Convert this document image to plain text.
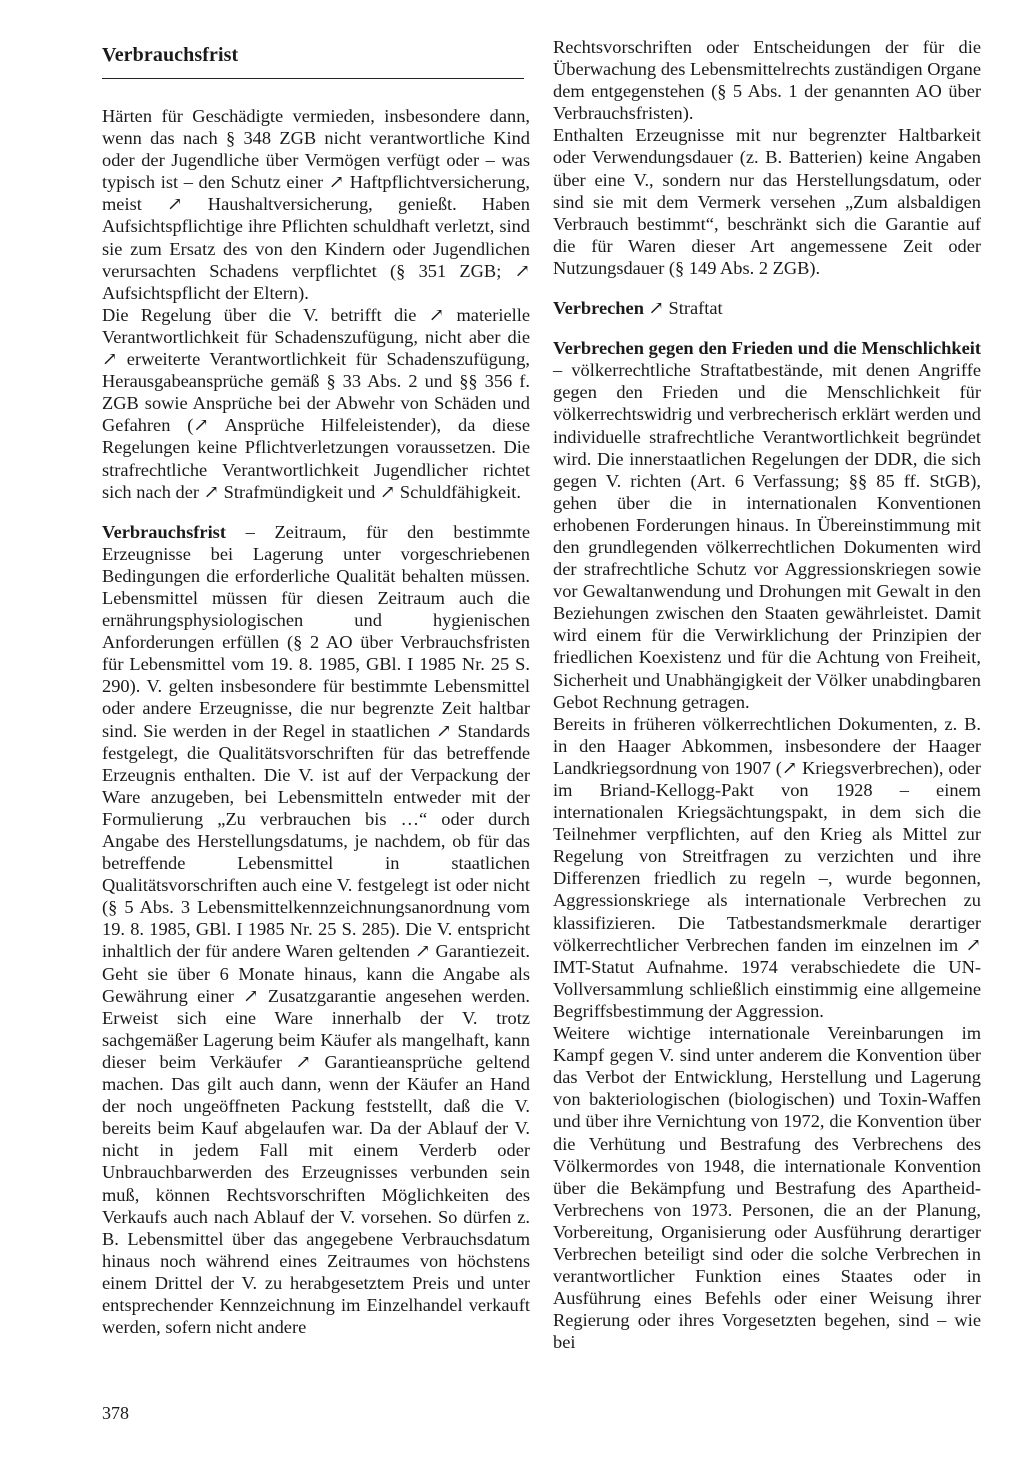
Verbrauchsfrist

Härten für Geschädigte vermieden, insbesondere dann, wenn das nach § 348 ZGB nicht verantwortliche Kind oder der Jugendliche über Vermögen verfügt oder – was typisch ist – den Schutz einer ↗ Haftpflichtversicherung, meist ↗ Haushaltversicherung, genießt. Haben Aufsichtspflichtige ihre Pflichten schuldhaft verletzt, sind sie zum Ersatz des von den Kindern oder Jugendlichen verursachten Schadens verpflichtet (§ 351 ZGB; ↗ Aufsichtspflicht der Eltern).

Die Regelung über die V. betrifft die ↗ materielle Verantwortlichkeit für Schadenszufügung, nicht aber die ↗ erweiterte Verantwortlichkeit für Schadenszufügung, Herausgabeansprüche gemäß § 33 Abs. 2 und §§ 356 f. ZGB sowie Ansprüche bei der Abwehr von Schäden und Gefahren (↗ Ansprüche Hilfeleistender), da diese Regelungen keine Pflichtverletzungen voraussetzen. Die strafrechtliche Verantwortlichkeit Jugendlicher richtet sich nach der ↗ Strafmündigkeit und ↗ Schuldfähigkeit.

Verbrauchsfrist – Zeitraum, für den bestimmte Erzeugnisse bei Lagerung unter vorgeschriebenen Bedingungen die erforderliche Qualität behalten müssen. Lebensmittel müssen für diesen Zeitraum auch die ernährungsphysiologischen und hygienischen Anforderungen erfüllen (§ 2 AO über Verbrauchsfristen für Lebensmittel vom 19. 8. 1985, GBl. I 1985 Nr. 25 S. 290). V. gelten insbesondere für bestimmte Lebensmittel oder andere Erzeugnisse, die nur begrenzte Zeit haltbar sind. Sie werden in der Regel in staatlichen ↗ Standards festgelegt, die Qualitätsvorschriften für das betreffende Erzeugnis enthalten. Die V. ist auf der Verpackung der Ware anzugeben, bei Lebensmitteln entweder mit der Formulierung „Zu verbrauchen bis …“ oder durch Angabe des Herstellungsdatums, je nachdem, ob für das betreffende Lebensmittel in staatlichen Qualitätsvorschriften auch eine V. festgelegt ist oder nicht (§ 5 Abs. 3 Lebensmittelkennzeichnungsanordnung vom 19. 8. 1985, GBl. I 1985 Nr. 25 S. 285). Die V. entspricht inhaltlich der für andere Waren geltenden ↗ Garantiezeit. Geht sie über 6 Monate hinaus, kann die Angabe als Gewährung einer ↗ Zusatzgarantie angesehen werden. Erweist sich eine Ware innerhalb der V. trotz sachgemäßer Lagerung beim Käufer als mangelhaft, kann dieser beim Verkäufer ↗ Garantieansprüche geltend machen. Das gilt auch dann, wenn der Käufer an Hand der noch ungeöffneten Packung feststellt, daß die V. bereits beim Kauf abgelaufen war. Da der Ablauf der V. nicht in jedem Fall mit einem Verderb oder Unbrauchbarwerden des Erzeugnisses verbunden sein muß, können Rechtsvorschriften Möglichkeiten des Verkaufs auch nach Ablauf der V. vorsehen. So dürfen z. B. Lebensmittel über das angegebene Verbrauchsdatum hinaus noch während eines Zeitraumes von höchstens einem Drittel der V. zu herabgesetztem Preis und unter entsprechender Kennzeichnung im Einzelhandel verkauft werden, sofern nicht andere

Rechtsvorschriften oder Entscheidungen der für die Überwachung des Lebensmittelrechts zuständigen Organe dem entgegenstehen (§ 5 Abs. 1 der genannten AO über Verbrauchsfristen).

Enthalten Erzeugnisse mit nur begrenzter Haltbarkeit oder Verwendungsdauer (z. B. Batterien) keine Angaben über eine V., sondern nur das Herstellungsdatum, oder sind sie mit dem Vermerk versehen „Zum alsbaldigen Verbrauch bestimmt“, beschränkt sich die Garantie auf die für Waren dieser Art angemessene Zeit oder Nutzungsdauer (§ 149 Abs. 2 ZGB).

Verbrechen ↗ Straftat

Verbrechen gegen den Frieden und die Menschlichkeit – völkerrechtliche Straftatbestände, mit denen Angriffe gegen den Frieden und die Menschlichkeit für völkerrechtswidrig und verbrecherisch erklärt werden und individuelle strafrechtliche Verantwortlichkeit begründet wird. Die innerstaatlichen Regelungen der DDR, die sich gegen V. richten (Art. 6 Verfassung; §§ 85 ff. StGB), gehen über die in internationalen Konventionen erhobenen Forderungen hinaus. In Übereinstimmung mit den grundlegenden völkerrechtlichen Dokumenten wird der strafrechtliche Schutz vor Aggressionskriegen sowie vor Gewaltanwendung und Drohungen mit Gewalt in den Beziehungen zwischen den Staaten gewährleistet. Damit wird einem für die Verwirklichung der Prinzipien der friedlichen Koexistenz und für die Achtung von Freiheit, Sicherheit und Unabhängigkeit der Völker unabdingbaren Gebot Rechnung getragen.

Bereits in früheren völkerrechtlichen Dokumenten, z. B. in den Haager Abkommen, insbesondere der Haager Landkriegsordnung von 1907 (↗ Kriegsverbrechen), oder im Briand-Kellogg-Pakt von 1928 – einem internationalen Kriegsächtungspakt, in dem sich die Teilnehmer verpflichten, auf den Krieg als Mittel zur Regelung von Streitfragen zu verzichten und ihre Differenzen friedlich zu regeln –, wurde begonnen, Aggressionskriege als internationale Verbrechen zu klassifizieren. Die Tatbestandsmerkmale derartiger völkerrechtlicher Verbrechen fanden im einzelnen im ↗ IMT-Statut Aufnahme. 1974 verabschiedete die UN-Vollversammlung schließlich einstimmig eine allgemeine Begriffsbestimmung der Aggression.

Weitere wichtige internationale Vereinbarungen im Kampf gegen V. sind unter anderem die Konvention über das Verbot der Entwicklung, Herstellung und Lagerung von bakteriologischen (biologischen) und Toxin-Waffen und über ihre Vernichtung von 1972, die Konvention über die Verhütung und Bestrafung des Verbrechens des Völkermordes von 1948, die internationale Konvention über die Bekämpfung und Bestrafung des Apartheid-Verbrechens von 1973. Personen, die an der Planung, Vorbereitung, Organisierung oder Ausführung derartiger Verbrechen beteiligt sind oder die solche Verbrechen in verantwortlicher Funktion eines Staates oder in Ausführung eines Befehls oder einer Weisung ihrer Regierung oder ihres Vorgesetzten begehen, sind – wie bei

378
